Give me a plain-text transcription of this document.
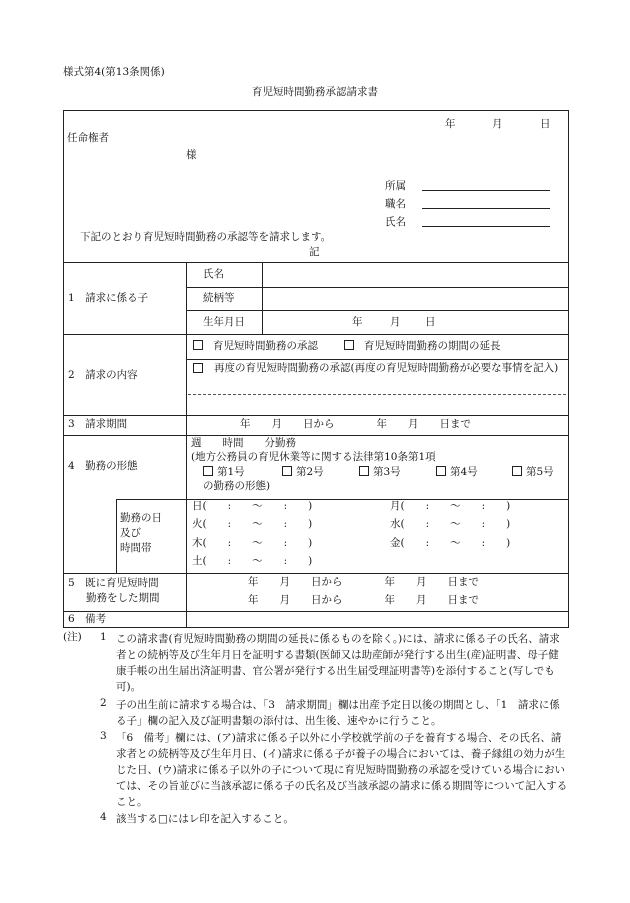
様式第4(第13条関係)
育児短時間勤務承認請求書
年	月	日
任命権者
様
所属
職名
氏名
下記のとおり育児短時間勤務の承認等を請求します。
記
1　請求に係る子
氏名
続柄等
生年月日	年	月 日
2　請求の内容
育児短時間勤務の承認	育児短時間勤務の期間の延長
再度の育児短時間勤務の承認(再度の育児短時間勤務が必要な事情を記入)
3　請求期間	年　　月　　日から　　　　年　　月　　日まで
4　勤務の形態
週　　時間　　分勤務
(地方公務員の育児休業等に関する法律第10条第1項
第1号	第2号	第3号	第4号	第5号
の勤務の形態)
勤務の日
及び
時間帯
日(　　:　　～　　:　　)	月(　　:　　～　　:　　)
火(　　:　　～　　:　　)	水(　　:　　～　　:　　)
木(　　:　　～　　:　　)	金(　　:　　～　　:　　)
土(　　:　　～　　:　　)
5　既に育児短時間
勤務をした期間
年　　月　　日から　　　　年　　月　　日まで
年　　月　　日から　　　　年　　月　　日まで
6　備考
(注) 1 この請求書(育児短時間勤務の期間の延長に係るものを除く。)には、請求に係る子の氏名、請求者との続柄等及び生年月日を証明する書類(医師又は助産師が発行する出生(産)証明書、母子健康手帳の出生届出済証明書、官公署が発行する出生届受理証明書等)を添付すること(写しでも可)。
2 子の出生前に請求する場合は、「3　請求期間」欄は出産予定日以後の期間とし、「1　請求に係る子」欄の記入及び証明書類の添付は、出生後、速やかに行うこと。
3 「6　備考」欄には、(ア)請求に係る子以外に小学校就学前の子を養育する場合、その氏名、請求者との続柄等及び生年月日、(イ)請求に係る子が養子の場合においては、養子縁組の効力が生じた日、(ウ)請求に係る子以外の子について現に育児短時間勤務の承認を受けている場合においては、その旨並びに当該承認に係る子の氏名及び当該承認の請求に係る期間等について記入すること。
4 該当する□にはレ印を記入すること。
